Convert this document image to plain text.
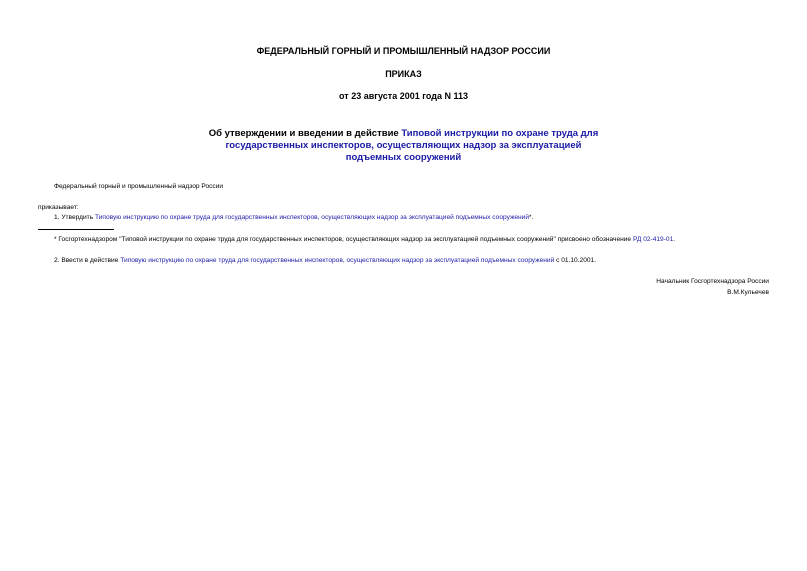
ФЕДЕРАЛЬНЫЙ ГОРНЫЙ И ПРОМЫШЛЕННЫЙ НАДЗОР РОССИИ
ПРИКАЗ
от 23 августа 2001 года N 113
Об утверждении и введении в действие Типовой инструкции по охране труда для
государственных инспекторов, осуществляющих надзор за эксплуатацией
подъемных сооружений
Федеральный горный и промышленный надзор России
приказывает:
1. Утвердить Типовую инструкцию по охране труда для государственных инспекторов, осуществляющих надзор за эксплуатацией подъемных сооружений*.
* Госгортехнадзором "Типовой инструкции по охране труда для государственных инспекторов, осуществляющих надзор за эксплуатацией подъемных сооружений" присвоено обозначение РД 02-419-01.
2. Ввести в действие Типовую инструкцию по охране труда для государственных инспекторов, осуществляющих надзор за эксплуатацией подъемных сооружений с 01.10.2001.
Начальник Госгортехнадзора России
В.М.Кульечев
